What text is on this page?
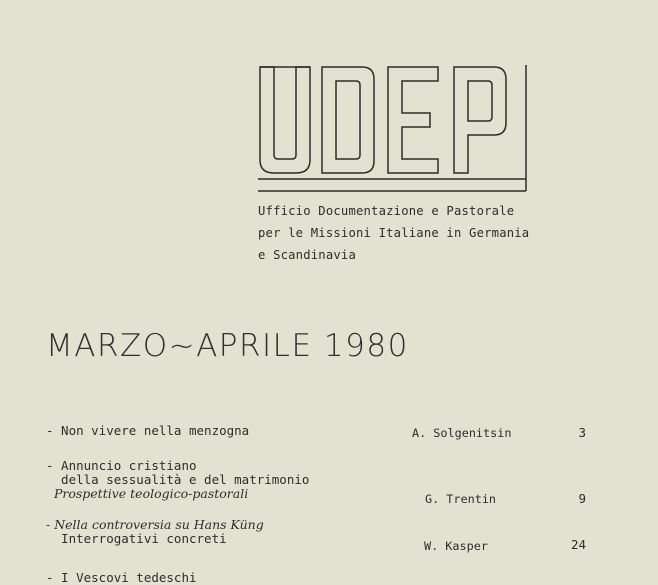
Ufficio Documentazione e Pastorale
per le Missioni Italiane in Germania
e Scandinavia
MARZO~APRILE 1980
- Non vivere nella menzogna	A. Solgenitsin	3
- Annuncio cristiano
della sessualità e del matrimonio
Prospettive teologico-pastorali	G. Trentin	9
- Nella controversia su Hans Küng
Interrogativi concreti	W. Kasper	24
- I Vescovi tedeschi
